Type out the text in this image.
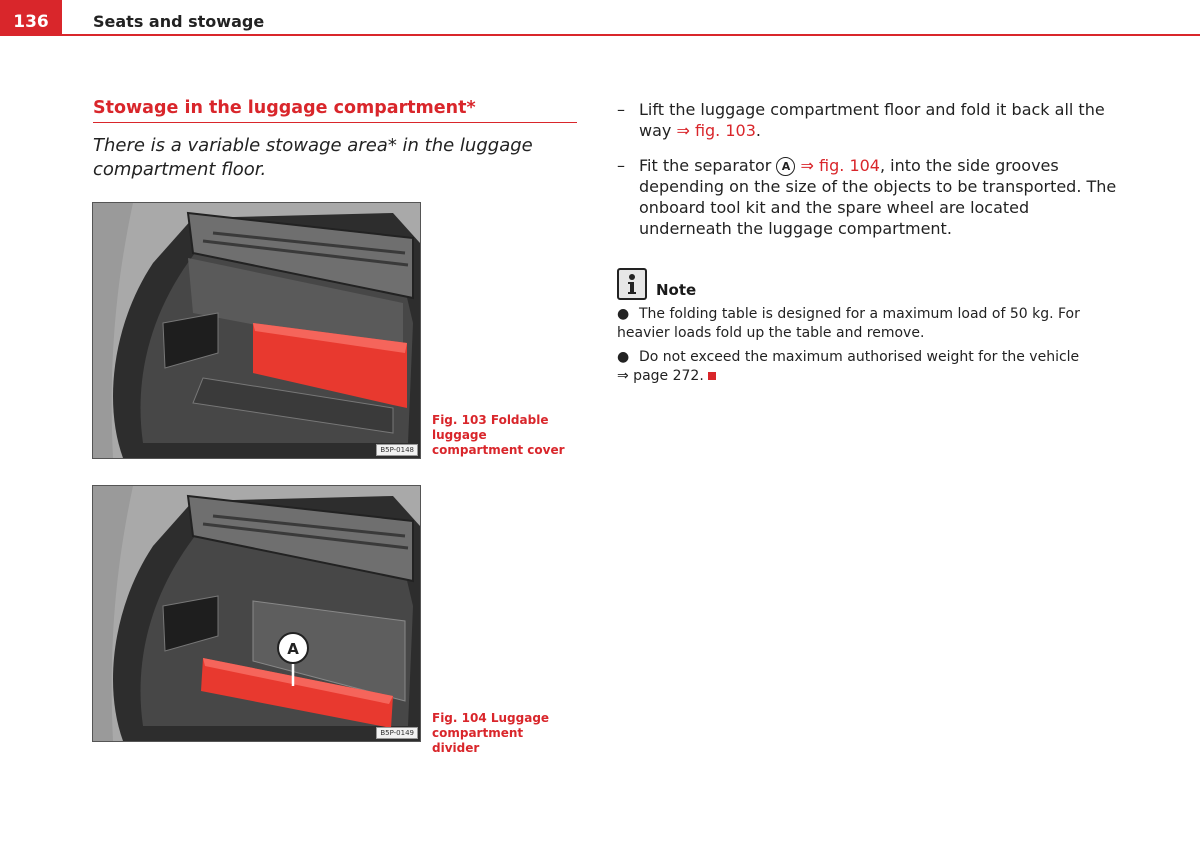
136	Seats and stowage
Stowage in the luggage compartment*
There is a variable stowage area* in the luggage compartment floor.
B5P-0148
Fig. 103 Foldable luggage compartment cover
A
B5P-0149
Fig. 104 Luggage compartment divider
– Lift the luggage compartment floor and fold it back all the way ⇒ fig. 103.
– Fit the separator A ⇒ fig. 104, into the side grooves depending on the size of the objects to be transported. The onboard tool kit and the spare wheel are located underneath the luggage compartment.
Note
● The folding table is designed for a maximum load of 50 kg. For heavier loads fold up the table and remove.
● Do not exceed the maximum authorised weight for the vehicle
⇒ page 272.
